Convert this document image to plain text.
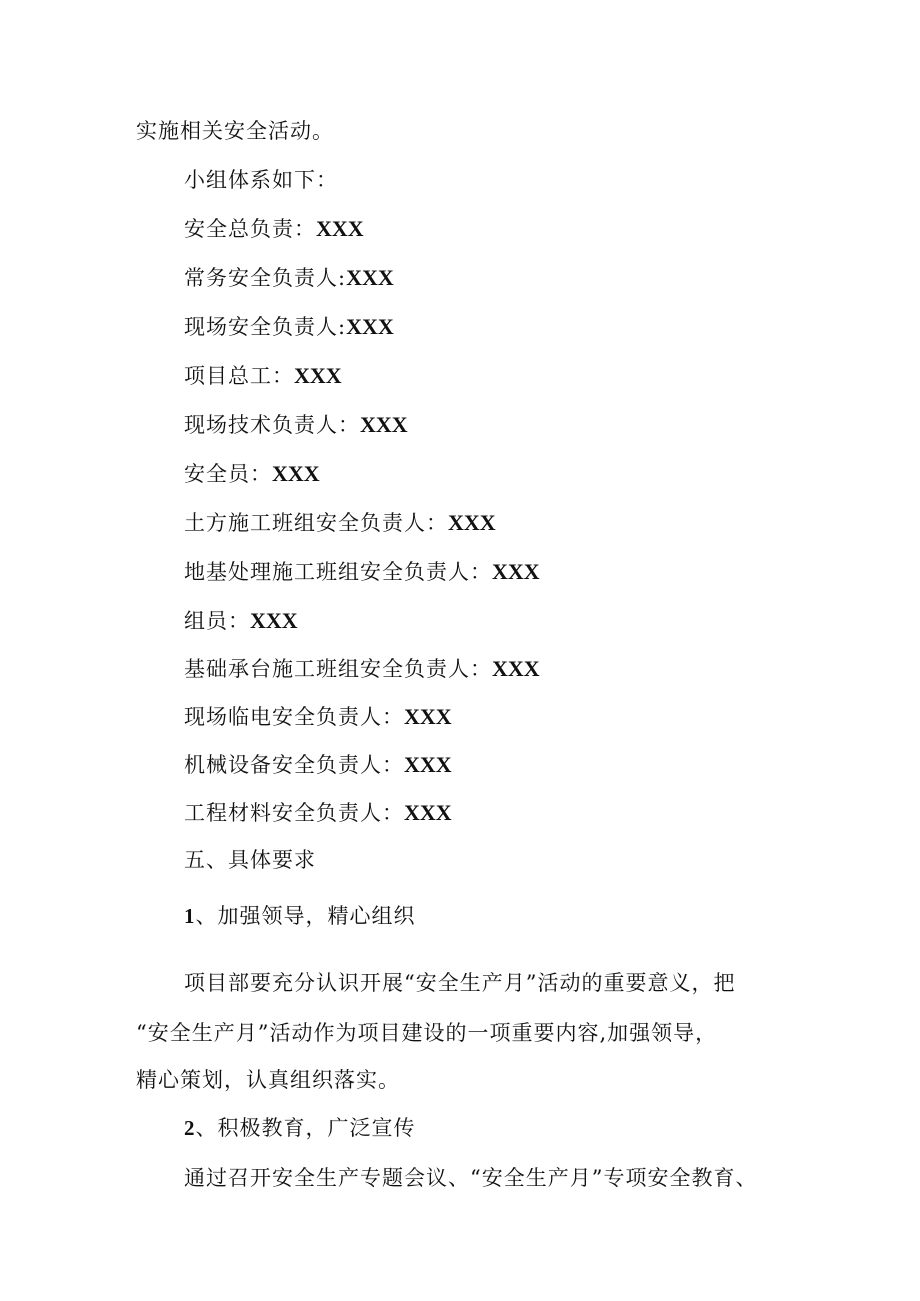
实施相关安全活动。

小组体系如下：

安全总负责：XXX

常务安全负责人:XXX

现场安全负责人:XXX

项目总工：XXX

现场技术负责人：XXX

安全员：XXX

土方施工班组安全负责人：XXX

地基处理施工班组安全负责人：XXX

组员：XXX

基础承台施工班组安全负责人：XXX

现场临电安全负责人：XXX

机械设备安全负责人：XXX

工程材料安全负责人：XXX

五、具体要求

1、加强领导，精心组织

项目部要充分认识开展“安全生产月”活动的重要意义，把

“安全生产月”活动作为项目建设的一项重要内容,加强领导，

精心策划，认真组织落实。

2、积极教育，广泛宣传

通过召开安全生产专题会议、“安全生产月”专项安全教育、
